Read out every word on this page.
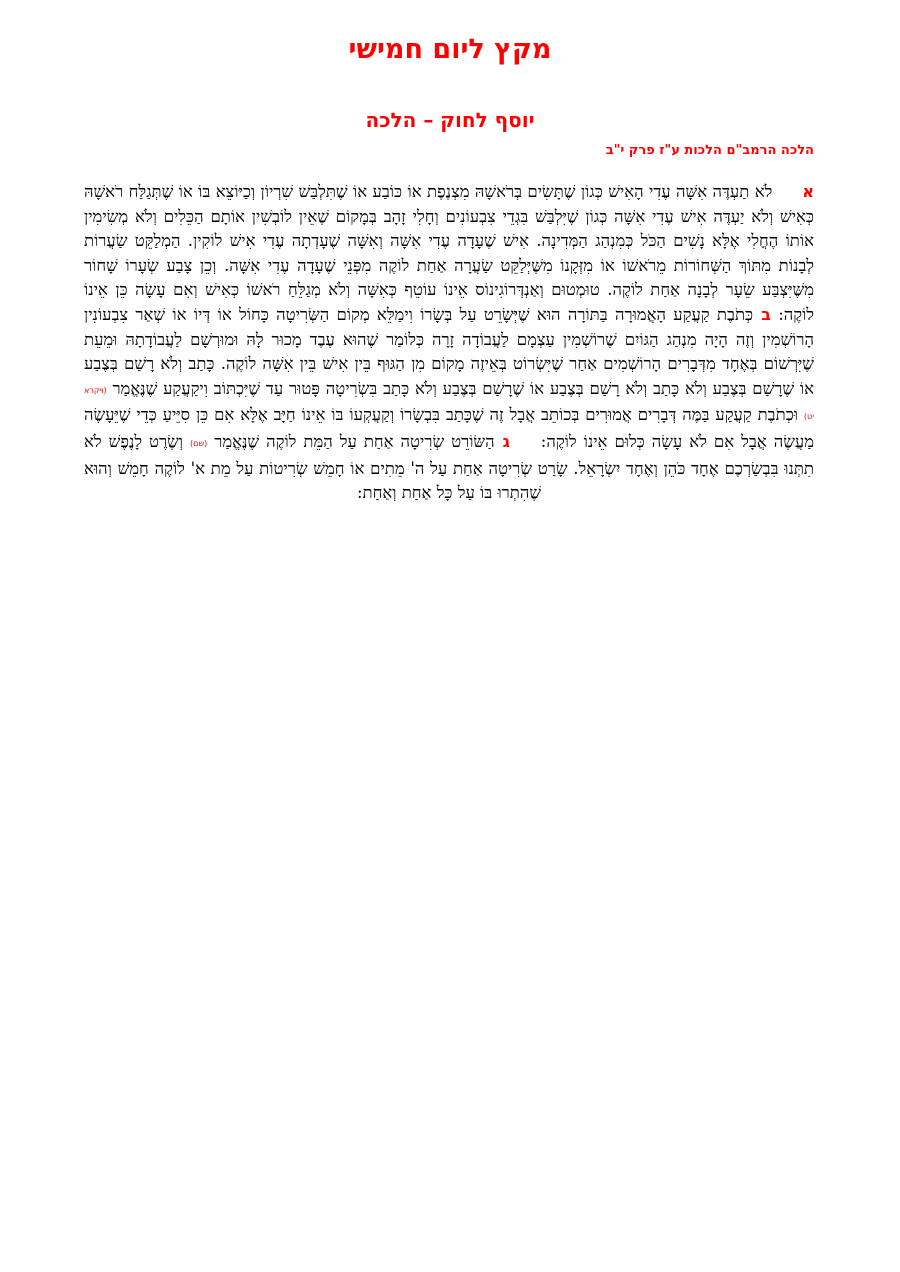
מקץ ליום חמישי
יוסף לחוק – הלכה
הלכה הרמב"ם הלכות ע"ז פרק י"ב
אלֹא תַעְדֶּה אִשָּׁה עֶדִי הָאִישׁ כְּגוֹן שֶׁתָּשִׂים בְּרֹאשָׁהּ מִצְנֶפֶת אוֹ כּוֹבַע אוֹ שֶׁתִּלְבַּשׁ שִׁרְיוֹן וְכַיּוֹצֵא בּוֹ אוֹ שֶׁתְּגַלַּח רֹאשָׁהּ כְּאִישׁ וְלֹא יַעְדֶּה אִישׁ עֶדִי אִשָּׁה כְּגוֹן שֶׁיִּלְבַּשׁ בִּגְדֵי צִבְעוֹנִים וְחָלִי זָהָב בְּמָקוֹם שֶׁאֵין לוֹבְשִׁין אוֹתָם הַכֵּלִים וְלֹא מְשִׂימִין אוֹתוֹ הֶחֳלִי אֶלָּא נָשִׁים הַכֹּל כְּמִנְהַג הַמְּדִינָה. אִישׁ שֶׁעָדָה עֶדִי אִשָּׁה וְאִשָּׁה שֶׁעָדְתָה עֶדִי אִישׁ לוֹקִין. הַמְלַקֵּט שַׂעֲרוֹת לְבָנוֹת מִתּוֹךְ הַשְּׁחוֹרוֹת מֵרֹאשׁוֹ אוֹ מִזְּקָנוֹ מִשֶּׁיְּלַקֵּט שַׂעֲרָה אַחַת לוֹקֶה מִפְּנֵי שֶׁעָדָה עֶדִי אִשָּׁה. וְכֵן צָבַע שְׂעָרוֹ שָׁחוֹר מִשֶּׁיִּצְבַּע שֵׂעָר לְבָנָה אַחַת לוֹקֶה. טוּמְטוּם וְאַנְדְּרוֹגִינוֹס אֵינוֹ עוֹטֵף כְּאִשָּׁה וְלֹא מְגַלֵּחַ רֹאשׁוֹ כְּאִישׁ וְאִם עָשָׂה כֵּן אֵינוֹ לוֹקֶה: בכְּתֹבֶת קַעֲקַע הָאֲמוּרָה בַּתּוֹרָה הוּא שֶׁיְּשָׂרֵט עַל בְּשָׂרוֹ וִימַלֵּא מְקוֹם הַשְּׂרִיטָה כָּחוֹל אוֹ דְּיוֹ אוֹ שְׁאַר צִבְעוֹנִין הָרוֹשְׁמִין וְזֶה הָיָה מִנְהַג הַגּוֹיִם שֶׁרוֹשְׁמִין עַצְמָם לַעֲבוֹדָה זָרָה כְּלוֹמַר שֶׁהוּא עֶבֶד מָכוּר לָהּ וּמוּרְשָׁם לַעֲבוֹדָתָהּ וּמֵעֵת שֶׁיִּרְשׁוֹם בְּאֶחָד מִדְּבָרִים הָרוֹשְׁמִים אַחַר שֶׁיִּשְׂרוֹט בְּאֵיזֶה מָקוֹם מִן הַגּוּף בֵּין אִישׁ בֵּין אִשָּׁה לוֹקֶה. כָּתַב וְלֹא רָשַׁם בְּצֶבַע אוֹ שֶׁרָשַׁם בְּצֶבַע וְלֹא כָּתַב וְלֹא רָשַׁם בְּצֶבַע אוֹ שֶׁרָשַׁם בְּצֶבַע וְלֹא כָּתַב בִּשְׂרִיטָה פָּטוּר עַד שֶׁיִּכְתּוֹב וִיקַעֲקַע שֶׁנֶּאֱמַר (ויקרא יט) וּכְתֹבֶת קַעֲקַע בַּמֶּה דְּבָרִים אֲמוּרִים בְּכוֹתֵב אֲבָל זֶה שֶׁכָּתַב בִּבְשָׂרוֹ וְקַעֲקְעוֹ בּוֹ אֵינוֹ חַיָּב אֶלָּא אִם כֵּן סִיֵּיעַ כְּדֵי שֶׁיֵּעָשֶׂה מַעֲשֶׂה אֲבָל אִם לֹא עָשָׂה כְּלוּם אֵינוֹ לוֹקֶה: גהַשּׂוֹרֵט שְׂרִיטָה אַחַת עַל הַמֵּת לוֹקֶה שֶׁנֶּאֱמַר (שם) וְשֶׂרֶט לָנֶפֶשׁ לֹא תִתְּנוּ בִּבְשַׂרְכֶם אֶחָד כֹּהֵן וְאֶחָד יִשְׂרָאֵל. שָׂרַט שְׂרִיטָה אַחַת עַל ה' מֵתִים אוֹ חָמֵשׁ שְׂרִיטוֹת עַל מֵת א' לוֹקֶה חָמֵשׁ וְהוּא שֶׁהִתְרוּ בּוֹ עַל כָּל אַחַת וְאַחַת:
